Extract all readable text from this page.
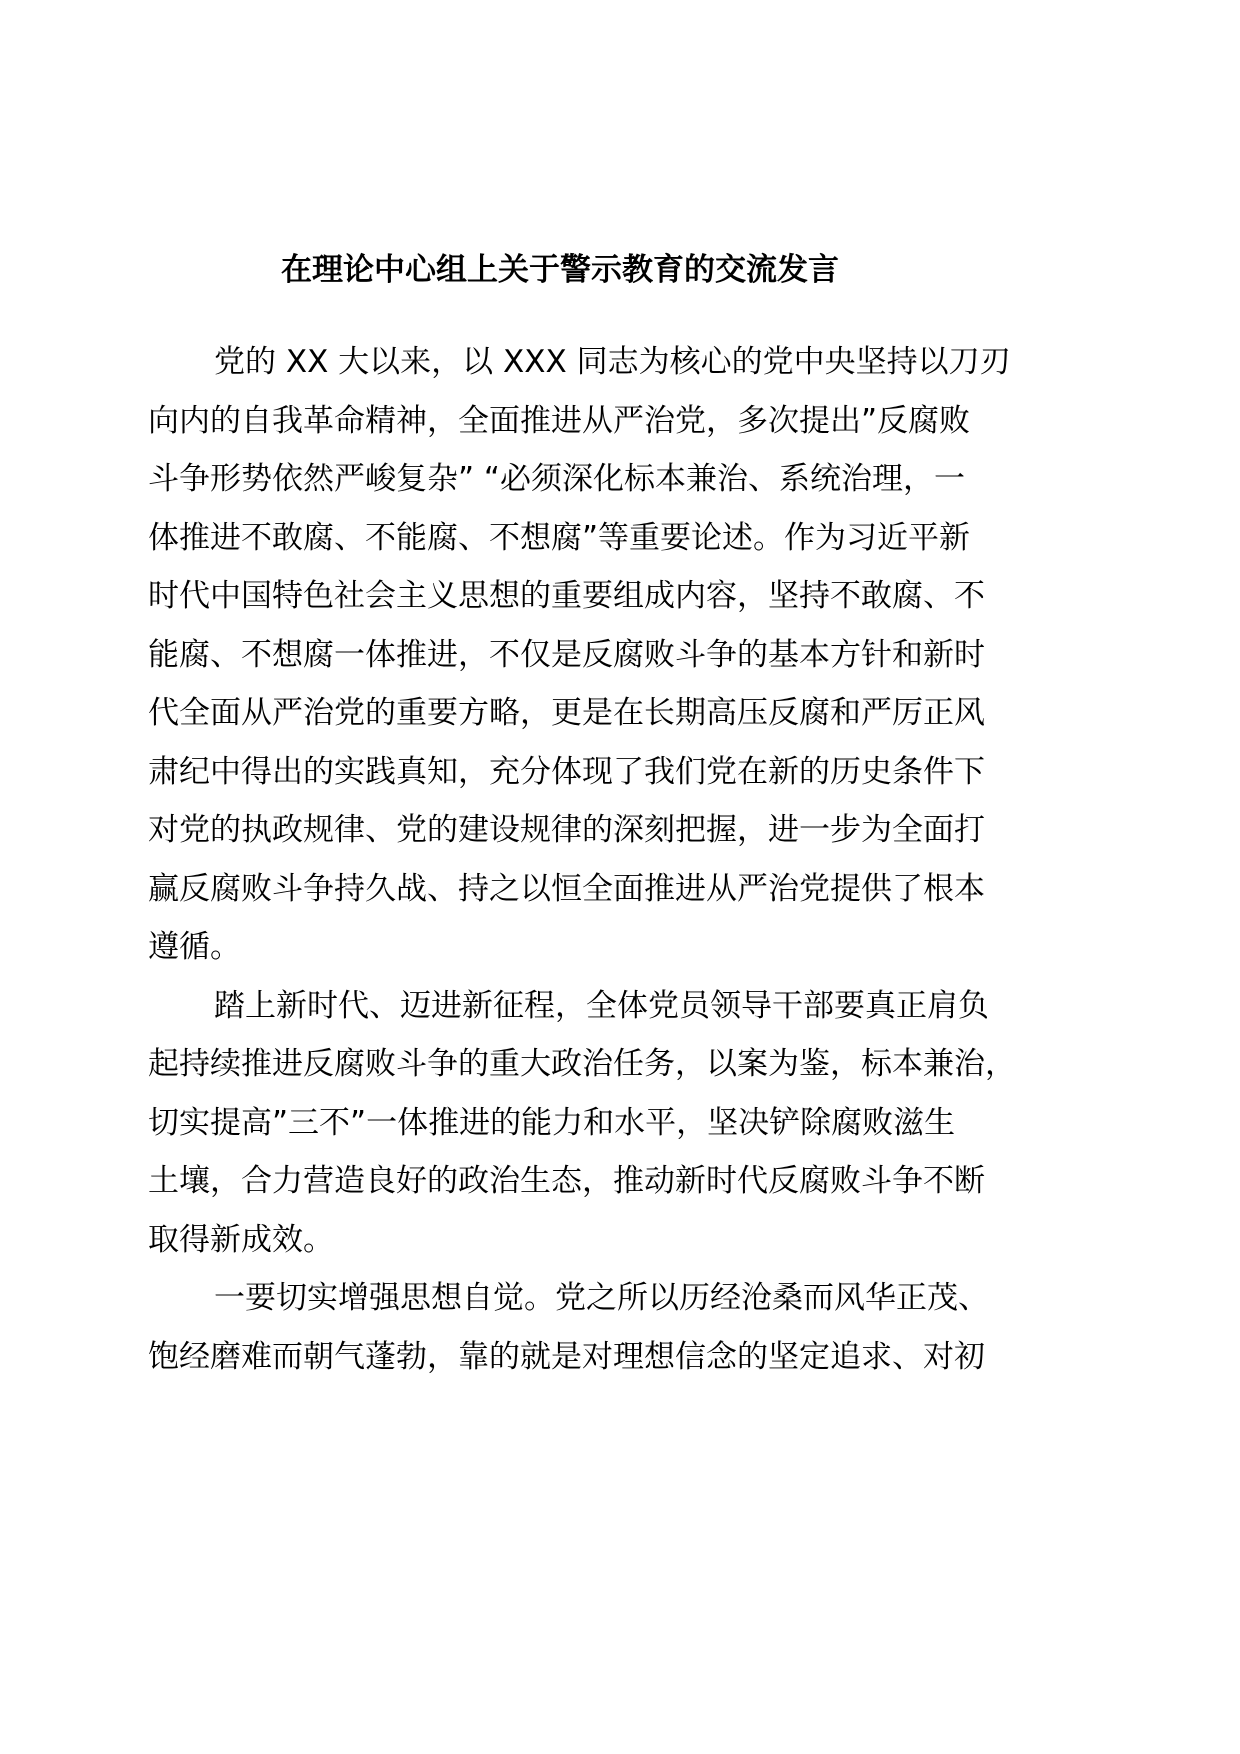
在理论中心组上关于警示教育的交流发言
党的 XX 大以来，以 XXX 同志为核心的党中央坚持以刀刃
向内的自我革命精神，全面推进从严治党，多次提出”反腐败
斗争形势依然严峻复杂” “必须深化标本兼治、系统治理，一
体推进不敢腐、不能腐、不想腐”等重要论述。作为习近平新
时代中国特色社会主义思想的重要组成内容，坚持不敢腐、不
能腐、不想腐一体推进，不仅是反腐败斗争的基本方针和新时
代全面从严治党的重要方略，更是在长期高压反腐和严厉正风
肃纪中得出的实践真知，充分体现了我们党在新的历史条件下
对党的执政规律、党的建设规律的深刻把握，进一步为全面打
赢反腐败斗争持久战、持之以恒全面推进从严治党提供了根本
遵循。
踏上新时代、迈进新征程，全体党员领导干部要真正肩负
起持续推进反腐败斗争的重大政治任务，以案为鉴，标本兼治，
切实提高”三不”一体推进的能力和水平，坚决铲除腐败滋生
土壤，合力营造良好的政治生态，推动新时代反腐败斗争不断
取得新成效。
一要切实增强思想自觉。党之所以历经沧桑而风华正茂、
饱经磨难而朝气蓬勃，靠的就是对理想信念的坚定追求、对初
